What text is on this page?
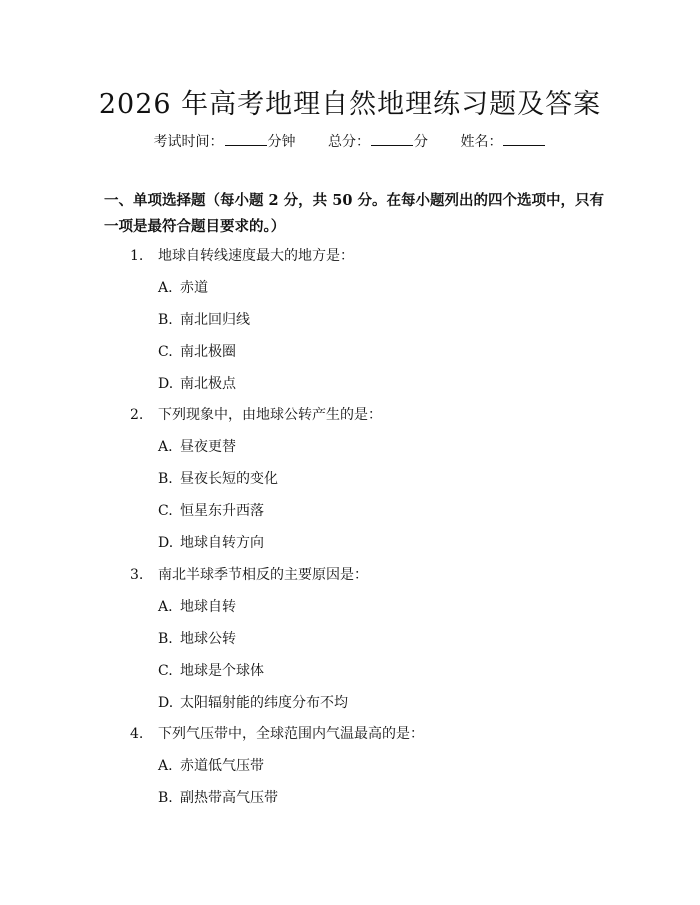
2026 年高考地理自然地理练习题及答案
考试时间：	分钟 总分：	分 姓名：
一、单项选择题（每小题 2 分，共 50 分。在每小题列出的四个选项中，只有一项是最符合题目要求的。）
1. 地球自转线速度最大的地方是：
A. 赤道
B. 南北回归线
C. 南北极圈
D. 南北极点
2. 下列现象中，由地球公转产生的是：
A. 昼夜更替
B. 昼夜长短的变化
C. 恒星东升西落
D. 地球自转方向
3. 南北半球季节相反的主要原因是：
A. 地球自转
B. 地球公转
C. 地球是个球体
D. 太阳辐射能的纬度分布不均
4. 下列气压带中，全球范围内气温最高的是：
A. 赤道低气压带
B. 副热带高气压带
